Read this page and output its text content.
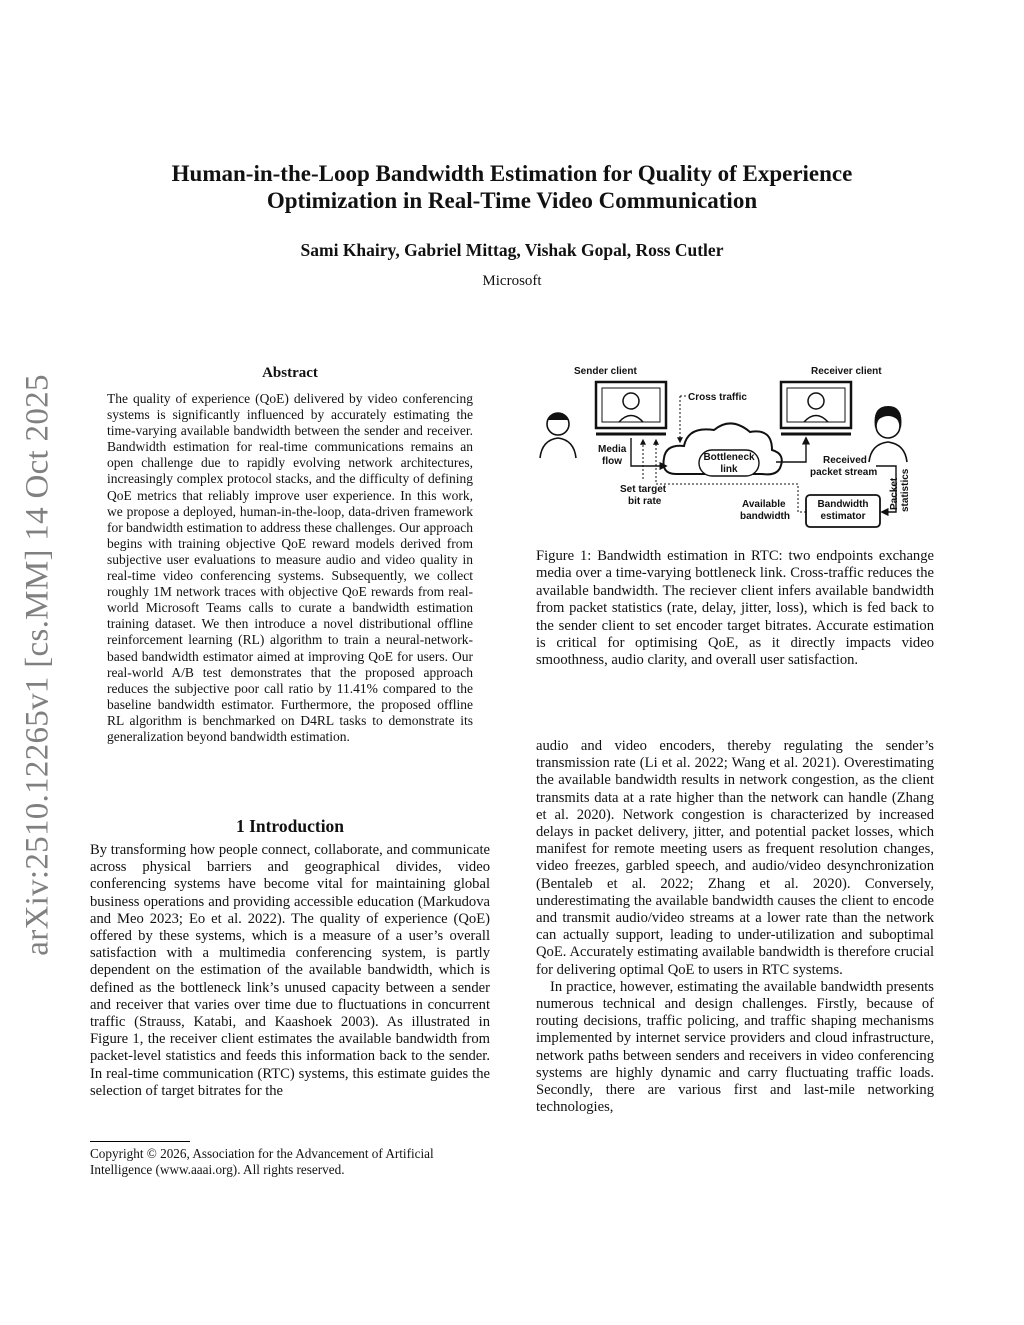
arXiv:2510.12265v1 [cs.MM] 14 Oct 2025
Human-in-the-Loop Bandwidth Estimation for Quality of Experience
Optimization in Real-Time Video Communication

Sami Khairy, Gabriel Mittag, Vishak Gopal, Ross Cutler

Microsoft

Abstract

The quality of experience (QoE) delivered by video conferencing systems is significantly influenced by accurately estimating the time-varying available bandwidth between the sender and receiver. Bandwidth estimation for real-time communications remains an open challenge due to rapidly evolving network architectures, increasingly complex protocol stacks, and the difficulty of defining QoE metrics that reliably improve user experience. In this work, we propose a deployed, human-in-the-loop, data-driven framework for bandwidth estimation to address these challenges. Our approach begins with training objective QoE reward models derived from subjective user evaluations to measure audio and video quality in real-time video conferencing systems. Subsequently, we collect roughly 1M network traces with objective QoE rewards from real-world Microsoft Teams calls to curate a bandwidth estimation training dataset. We then introduce a novel distributional offline reinforcement learning (RL) algorithm to train a neural-network-based bandwidth estimator aimed at improving QoE for users. Our real-world A/B test demonstrates that the proposed approach reduces the subjective poor call ratio by 11.41% compared to the baseline bandwidth estimator. Furthermore, the proposed offline RL algorithm is benchmarked on D4RL tasks to demonstrate its generalization beyond bandwidth estimation.

1 Introduction

By transforming how people connect, collaborate, and communicate across physical barriers and geographical divides, video conferencing systems have become vital for maintaining global business operations and providing accessible education (Markudova and Meo 2023; Eo et al. 2022). The quality of experience (QoE) offered by these systems, which is a measure of a user’s overall satisfaction with a multimedia conferencing system, is partly dependent on the estimation of the available bandwidth, which is defined as the bottleneck link’s unused capacity between a sender and receiver that varies over time due to fluctuations in concurrent traffic (Strauss, Katabi, and Kaashoek 2003). As illustrated in Figure 1, the receiver client estimates the available bandwidth from packet-level statistics and feeds this information back to the sender. In real-time communication (RTC) systems, this estimate guides the selection of target bitrates for the

Copyright © 2026, Association for the Advancement of Artificial Intelligence (www.aaai.org). All rights reserved.

Sender client	Receiver client
Bottleneck
link
Cross traffic
Media
flow	Received
packet stream
Set target
bit rate	Available
bandwidth
Bandwidth
estimator
Packet statistics

Figure 1: Bandwidth estimation in RTC: two endpoints exchange media over a time-varying bottleneck link. Cross-traffic reduces the available bandwidth. The reciever client infers available bandwidth from packet statistics (rate, delay, jitter, loss), which is fed back to the sender client to set encoder target bitrates. Accurate estimation is critical for optimising QoE, as it directly impacts video smoothness, audio clarity, and overall user satisfaction.

audio and video encoders, thereby regulating the sender’s transmission rate (Li et al. 2022; Wang et al. 2021). Overestimating the available bandwidth results in network congestion, as the client transmits data at a rate higher than the network can handle (Zhang et al. 2020). Network congestion is characterized by increased delays in packet delivery, jitter, and potential packet losses, which manifest for remote meeting users as frequent resolution changes, video freezes, garbled speech, and audio/video desynchronization (Bentaleb et al. 2022; Zhang et al. 2020). Conversely, underestimating the available bandwidth causes the client to encode and transmit audio/video streams at a lower rate than the network can actually support, leading to under-utilization and suboptimal QoE. Accurately estimating available bandwidth is therefore crucial for delivering optimal QoE to users in RTC systems.

In practice, however, estimating the available bandwidth presents numerous technical and design challenges. Firstly, because of routing decisions, traffic policing, and traffic shaping mechanisms implemented by internet service providers and cloud infrastructure, network paths between senders and receivers in video conferencing systems are highly dynamic and carry fluctuating traffic loads. Secondly, there are various first and last-mile networking technologies,
